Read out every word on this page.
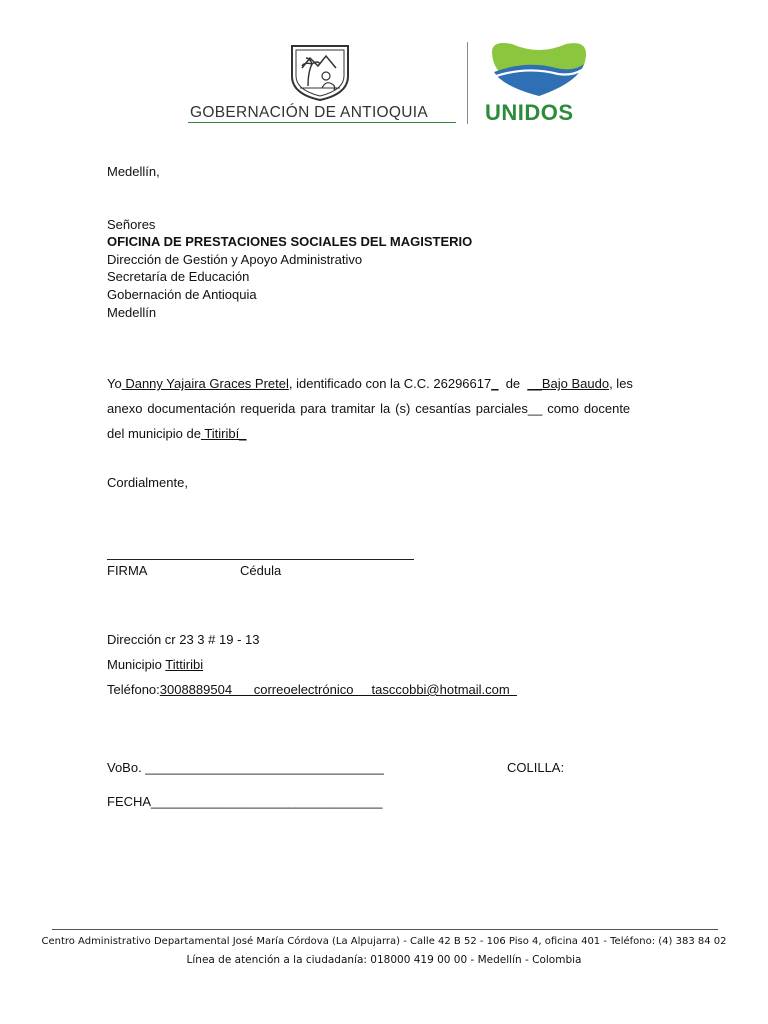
GOBERNACIÓN DE ANTIOQUIA	UNIDOS
Medellín,
Señores
OFICINA DE PRESTACIONES SOCIALES DEL MAGISTERIO
Dirección de Gestión y Apoyo Administrativo
Secretaría de Educación
Gobernación de Antioquia
Medellín
Yo Danny Yajaira Graces Pretel, identificado con la C.C. 26296617_  de  __Bajo Baudo, les
anexo documentación requerida para tramitar la (s) cesantías parciales__ como docente
del municipio de Titiribí_
Cordialmente,
FIRMA	Cédula
Dirección cr 23 3 # 19 - 13
Municipio Tittiribi
Teléfono:3008889504      correoelectrónico     tasccobbi@hotmail.com
VoBo. _________________________________	COLILLA:
FECHA________________________________
Centro Administrativo Departamental José María Córdova (La Alpujarra) - Calle 42 B 52 - 106 Piso 4, oficina 401 - Teléfono: (4) 383 84 02
Línea de atención a la ciudadanía: 018000 419 00 00 - Medellín - Colombia
